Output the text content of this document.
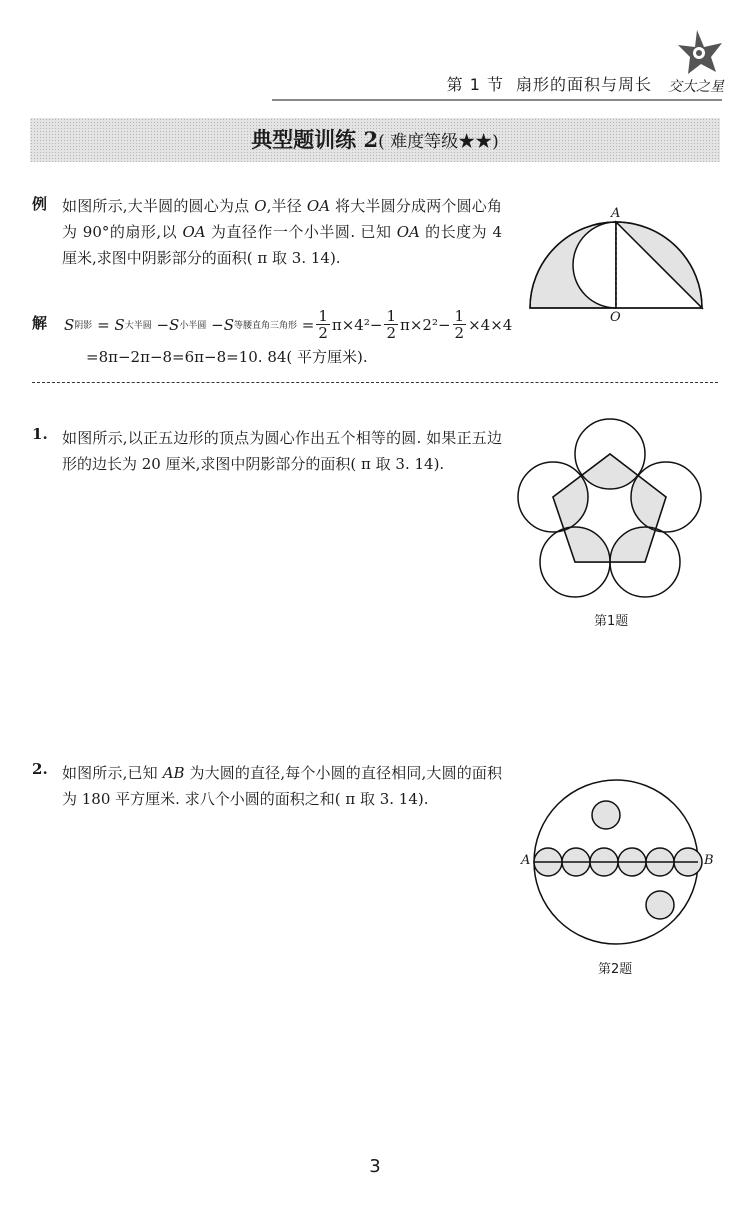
第 1 节 扇形的面积与周长 交大之星
典型题训练 2( 难度等级★★)
例 如图所示,大半圆的圆心为点 O,半径 OA 将大半圆分成两个圆心角为 90°的扇形,以 OA 为直径作一个小半圆. 已知 OA 的长度为 4 厘米,求图中阴影部分的面积( π 取 3. 14).
A
O
解 S 阴影 = S 大半圆 − S 小半圆 − S 等腰直角三角形 = $\frac{1}{2} \pi\times 4^2- \frac{1}{2} \pi\times 2^2- \frac{1}{2} \times 4\times 4$
=8π−2π−8=6π−8=10. 84( 平方厘米).
1. 如图所示,以正五边形的顶点为圆心作出五个相等的圆. 如果正五边形的边长为 20 厘米,求图中阴影部分的面积( π 取 3. 14).
第1题
2. 如图所示,已知 AB 为大圆的直径,每个小圆的直径相同,大圆的面积为 180 平方厘米. 求八个小圆的面积之和( π 取 3. 14).
A	B
第2题
3
